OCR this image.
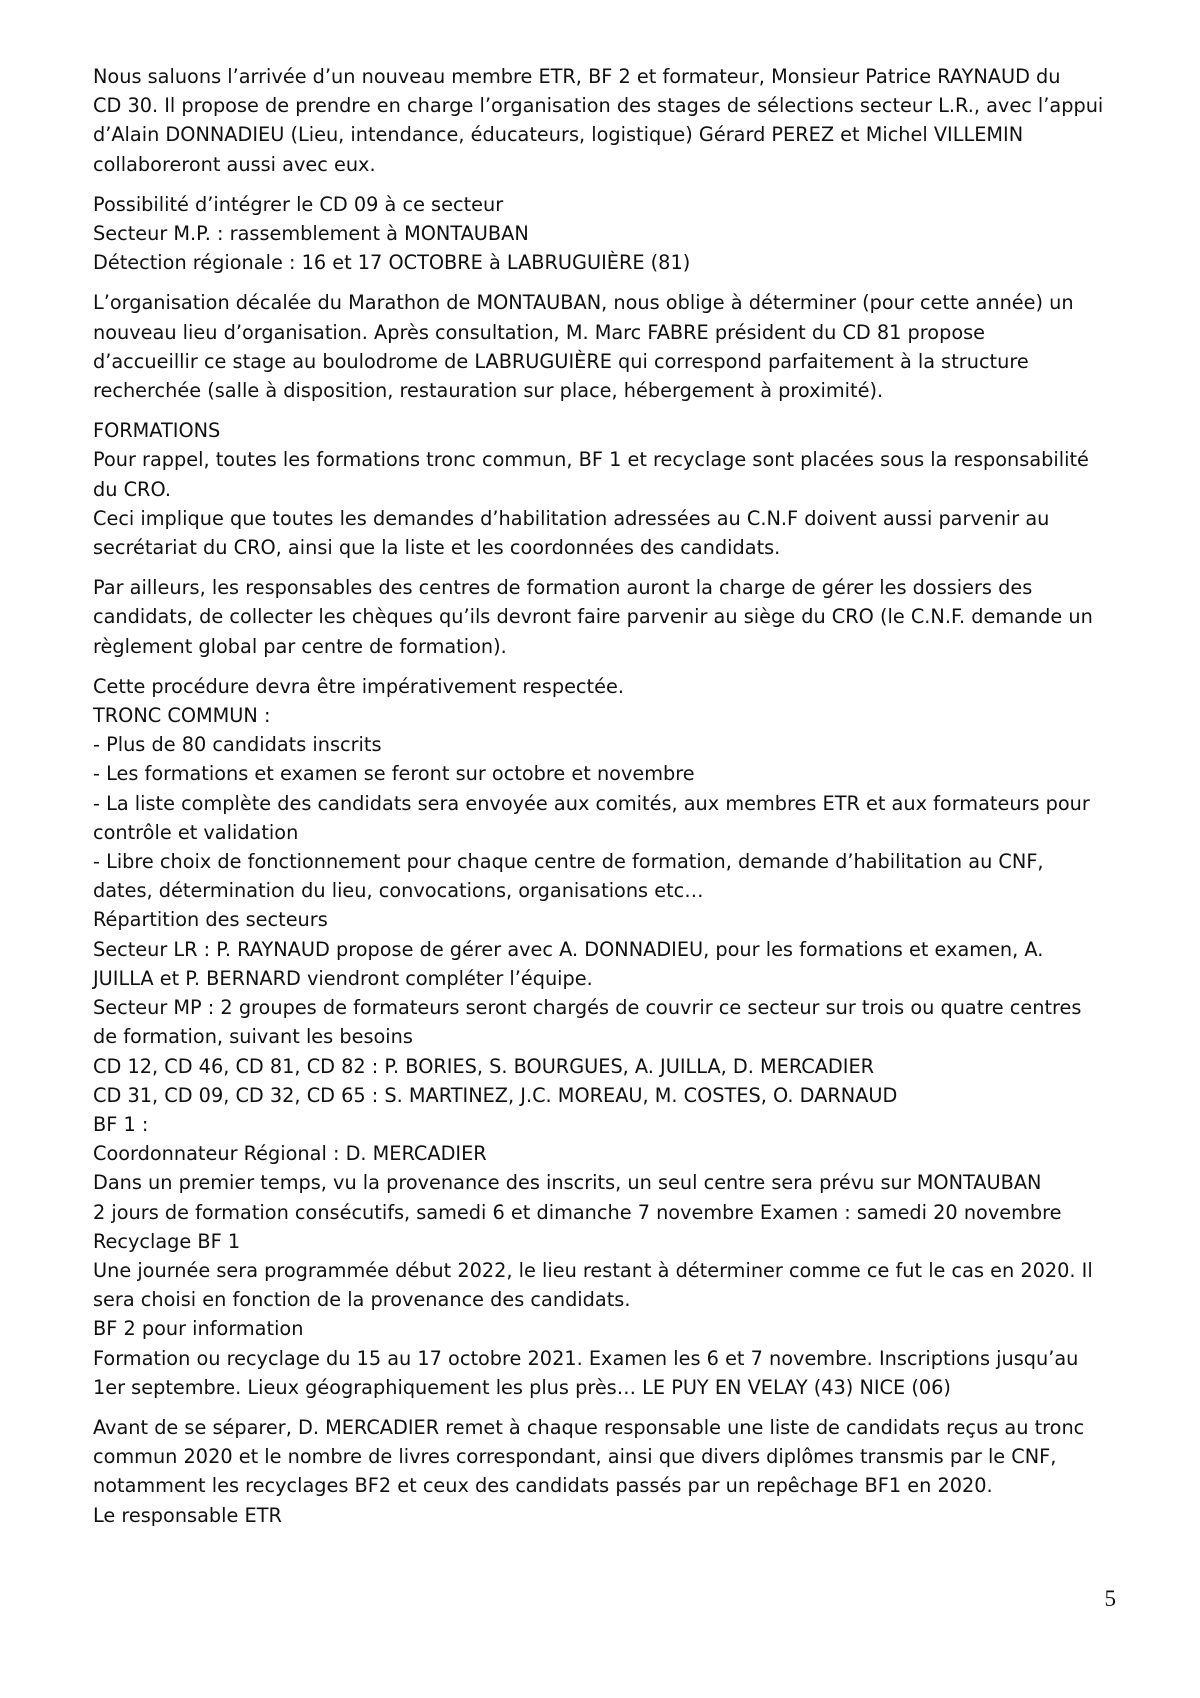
Nous saluons l’arrivée d’un nouveau membre ETR, BF 2 et formateur, Monsieur Patrice RAYNAUD du
CD 30. Il propose de prendre en charge l’organisation des stages de sélections secteur L.R., avec l’appui
d’Alain DONNADIEU (Lieu, intendance, éducateurs, logistique) Gérard PEREZ et Michel VILLEMIN
collaboreront aussi avec eux.

Possibilité d’intégrer le CD 09 à ce secteur
Secteur M.P. : rassemblement à MONTAUBAN
Détection régionale : 16 et 17 OCTOBRE à LABRUGUIÈRE (81)

L’organisation décalée du Marathon de MONTAUBAN, nous oblige à déterminer (pour cette année) un
nouveau lieu d’organisation. Après consultation, M. Marc FABRE président du CD 81 propose
d’accueillir ce stage au boulodrome de LABRUGUIÈRE qui correspond parfaitement à la structure
recherchée (salle à disposition, restauration sur place, hébergement à proximité).

FORMATIONS
Pour rappel, toutes les formations tronc commun, BF 1 et recyclage sont placées sous la responsabilité
du CRO.
Ceci implique que toutes les demandes d’habilitation adressées au C.N.F doivent aussi parvenir au
secrétariat du CRO, ainsi que la liste et les coordonnées des candidats.

Par ailleurs, les responsables des centres de formation auront la charge de gérer les dossiers des
candidats, de collecter les chèques qu’ils devront faire parvenir au siège du CRO (le C.N.F. demande un
règlement global par centre de formation).

Cette procédure devra être impérativement respectée.
TRONC COMMUN :
- Plus de 80 candidats inscrits
- Les formations et examen se feront sur octobre et novembre
- La liste complète des candidats sera envoyée aux comités, aux membres ETR et aux formateurs pour
contrôle et validation
- Libre choix de fonctionnement pour chaque centre de formation, demande d’habilitation au CNF,
dates, détermination du lieu, convocations, organisations etc…
Répartition des secteurs
Secteur LR : P. RAYNAUD propose de gérer avec A. DONNADIEU, pour les formations et examen, A.
JUILLA et P. BERNARD viendront compléter l’équipe.
Secteur MP : 2 groupes de formateurs seront chargés de couvrir ce secteur sur trois ou quatre centres
de formation, suivant les besoins
CD 12, CD 46, CD 81, CD 82 : P. BORIES, S. BOURGUES, A. JUILLA, D. MERCADIER
CD 31, CD 09, CD 32, CD 65 : S. MARTINEZ, J.C. MOREAU, M. COSTES, O. DARNAUD
BF 1 :
Coordonnateur Régional : D. MERCADIER
Dans un premier temps, vu la provenance des inscrits, un seul centre sera prévu sur MONTAUBAN
2 jours de formation consécutifs, samedi 6 et dimanche 7 novembre Examen : samedi 20 novembre
Recyclage BF 1
Une journée sera programmée début 2022, le lieu restant à déterminer comme ce fut le cas en 2020. Il
sera choisi en fonction de la provenance des candidats.
BF 2 pour information
Formation ou recyclage du 15 au 17 octobre 2021. Examen les 6 et 7 novembre. Inscriptions jusqu’au
1er septembre. Lieux géographiquement les plus près… LE PUY EN VELAY (43) NICE (06)

Avant de se séparer, D. MERCADIER remet à chaque responsable une liste de candidats reçus au tronc
commun 2020 et le nombre de livres correspondant, ainsi que divers diplômes transmis par le CNF,
notamment les recyclages BF2 et ceux des candidats passés par un repêchage BF1 en 2020.
Le responsable ETR

5
